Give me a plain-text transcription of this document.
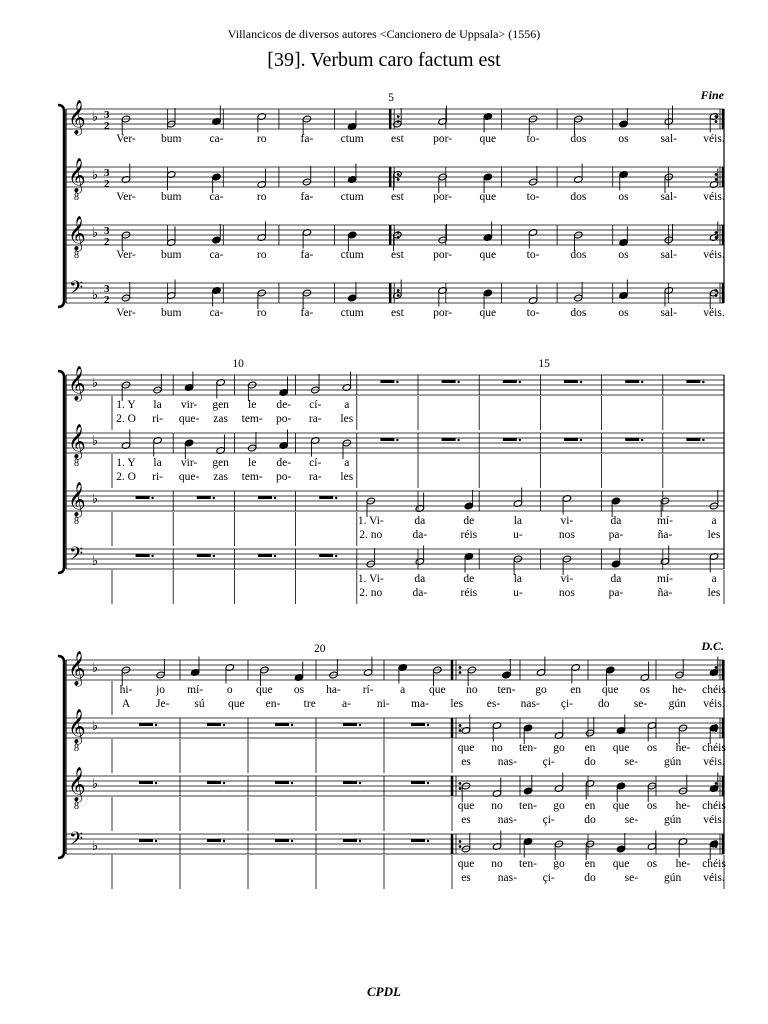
Villancicos de diversos autores <Cancionero de Uppsala> (1556)
[39]. Verbum caro factum est
5	Fine
𝄞 ♭ 3
2
Ver- bum ca-	ro	fa- ctum est	por- que	to-	dos	os	sal- véis.
𝄞
8
♭ 3
2
Ver- bum ca-	ro	fa- ctum est	por- que	to-	dos	os	sal- véis.
𝄞
8
♭ 3
2
Ver- bum ca-	ro	fa- ctum est	por- que	to-	dos	os	sal- véis.
𝄢 ♭ 3
2
Ver- bum ca-	ro	fa- ctum est	por- que	to-	dos	os	sal- véis.
10	15
𝄞 ♭
1. Y la vir- gen le de- cí- a
2. O ri- que- zas tem- po- ra- les
𝄞
8
♭
1. Y la vir- gen le de- cí- a
2. O ri- que- zas tem- po- ra- les
𝄞
8
♭
1. Vi-	da	de	la	vi-	da	mí-	a
2. no	da-	réis	u-	nos	pa-	ña-	les
𝄢 ♭
1. Vi-	da	de	la	vi-	da	mí-	a
2. no	da-	réis	u-	nos	pa-	ña-	les
20	D.C.
𝄞 ♭
hi- jo mí- o que os ha- rí- a que no ten- go en que os he- chéis
A Je- sú que en- tre a- ni- ma- les es- nas- çi- do se- gún véis.
𝄞
8
♭
que no ten- go en que os he- chéis
es nas- çi-	do	se- gún véis.
𝄞
8
♭
que no ten- go en que os he- chéis
es nas- çi-	do	se- gún véis.
𝄢 ♭
que no ten- go en que os he- chéis
es nas- çi-	do	se- gún véis.
CPDL
